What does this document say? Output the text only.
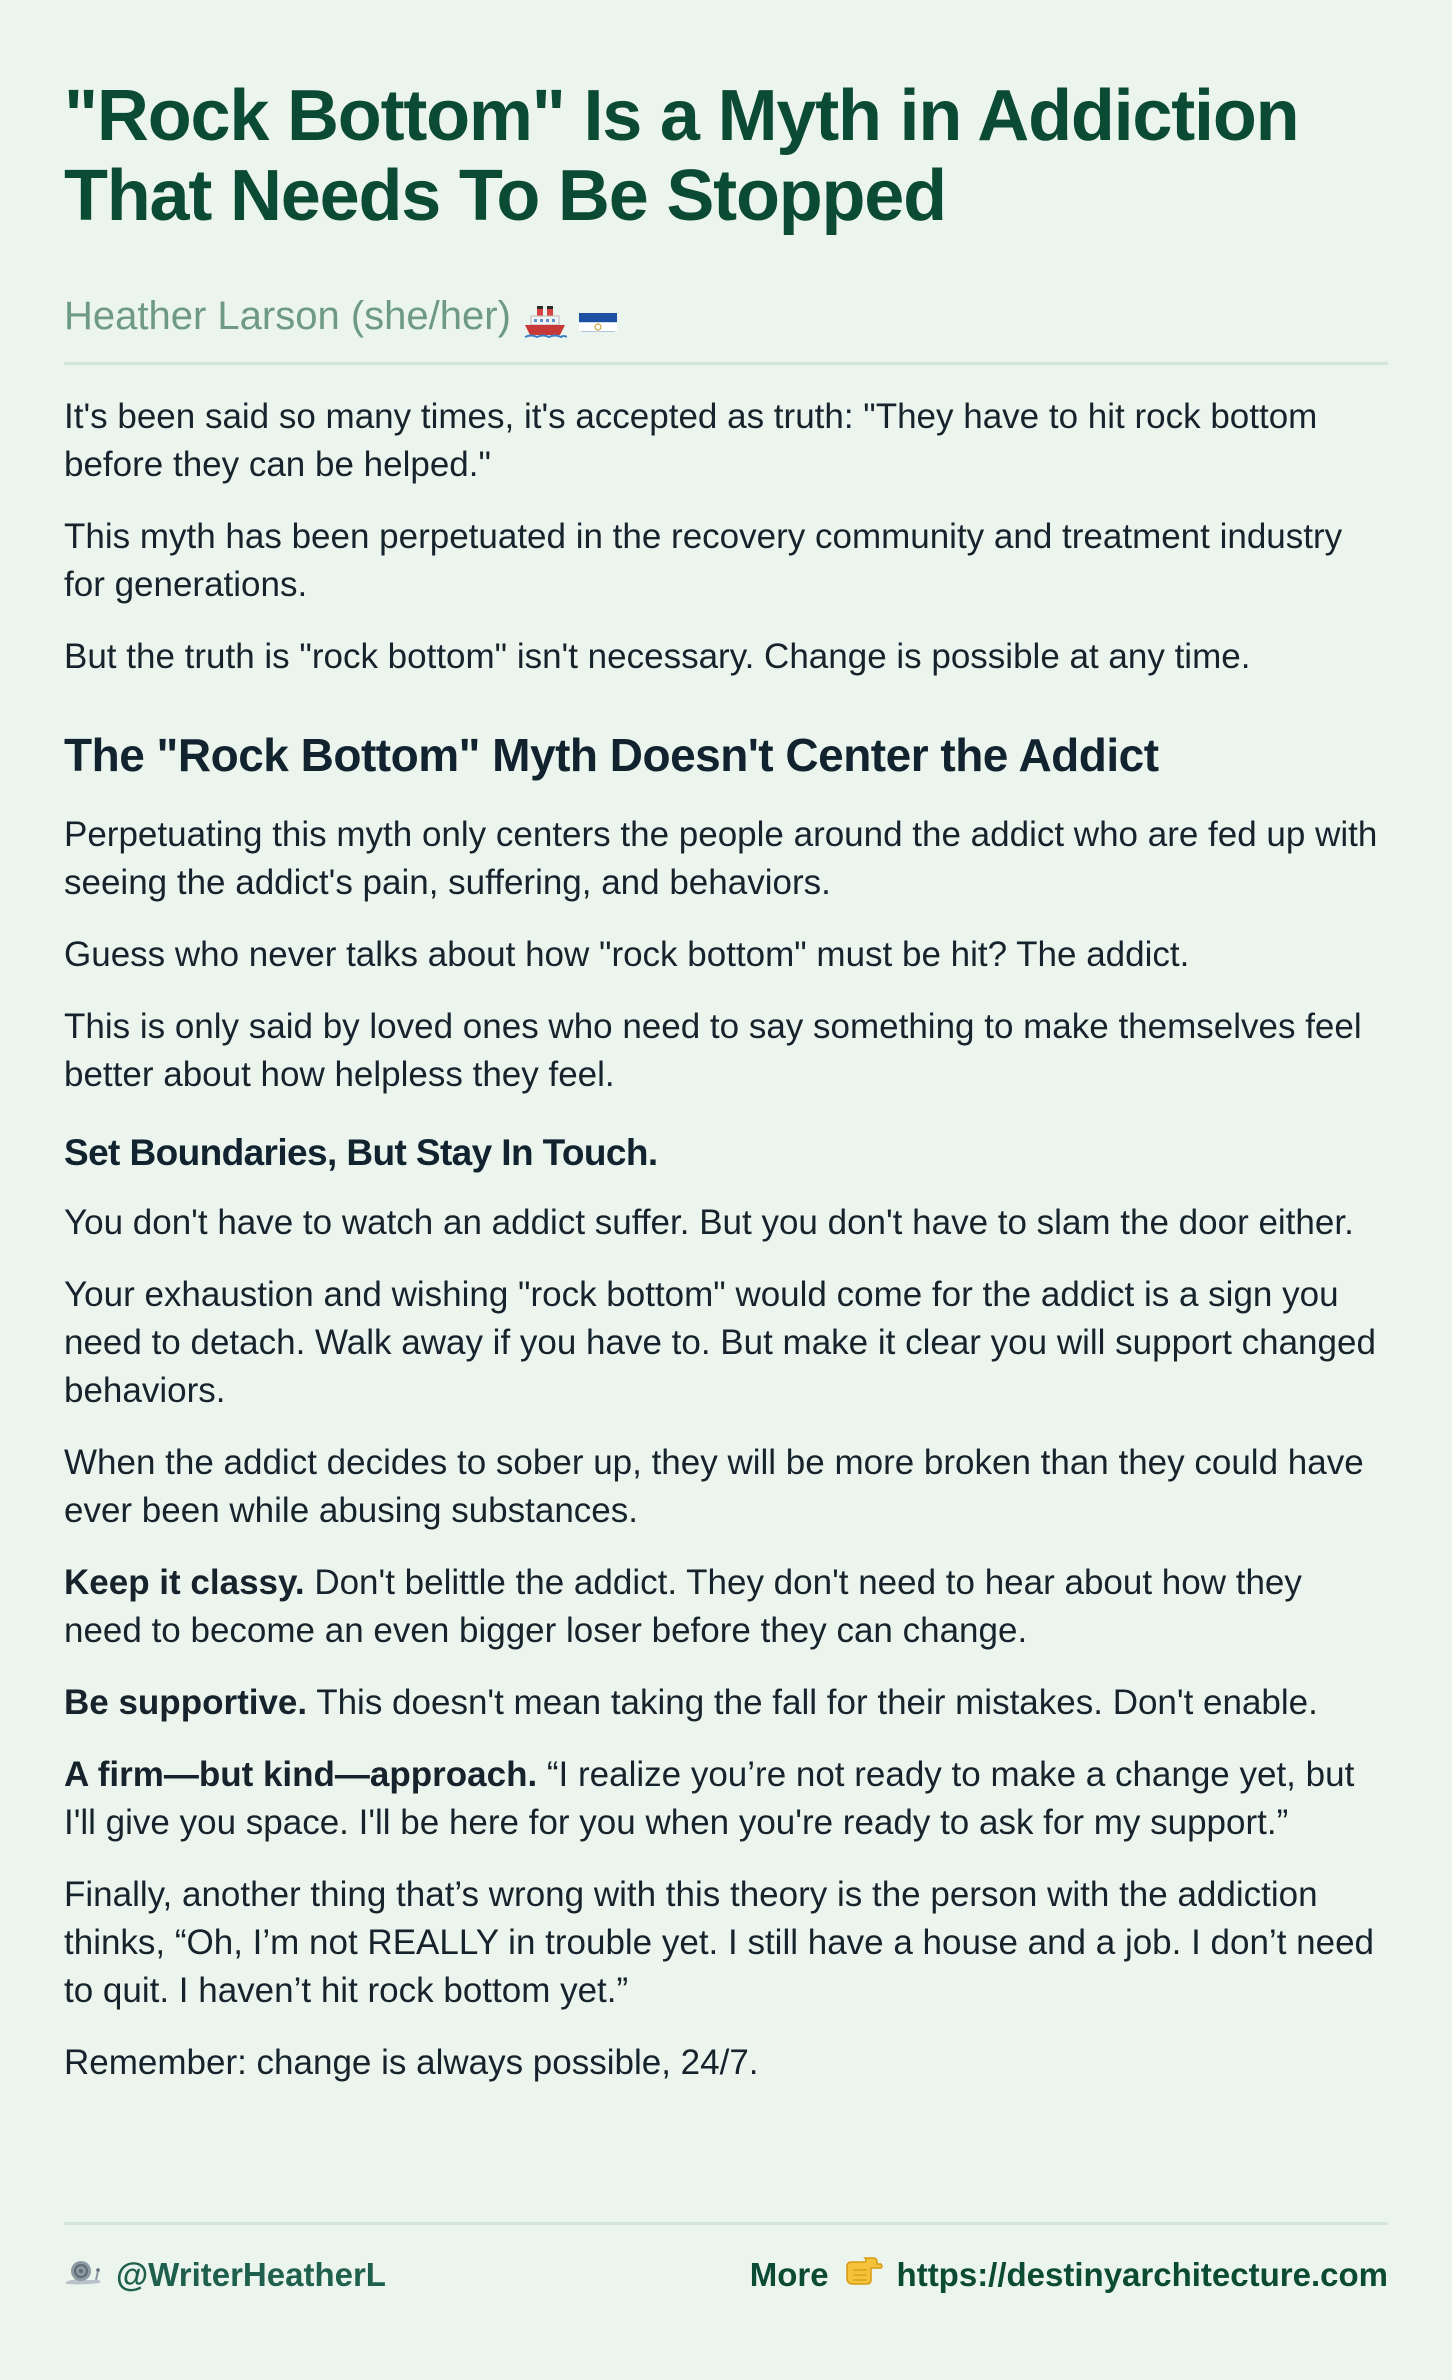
"Rock Bottom" Is a Myth in Addiction
That Needs To Be Stopped
Heather Larson (she/her)

It's been said so many times, it's accepted as truth: "They have to hit rock bottom before they can be helped."

This myth has been perpetuated in the recovery community and treatment industry for generations.

But the truth is "rock bottom" isn't necessary. Change is possible at any time.

The "Rock Bottom" Myth Doesn't Center the Addict

Perpetuating this myth only centers the people around the addict who are fed up with seeing the addict's pain, suffering, and behaviors.

Guess who never talks about how "rock bottom" must be hit? The addict.

This is only said by loved ones who need to say something to make themselves feel better about how helpless they feel.

Set Boundaries, But Stay In Touch.

You don't have to watch an addict suffer. But you don't have to slam the door either.

Your exhaustion and wishing "rock bottom" would come for the addict is a sign you need to detach. Walk away if you have to. But make it clear you will support changed behaviors.

When the addict decides to sober up, they will be more broken than they could have ever been while abusing substances.

Keep it classy. Don't belittle the addict. They don't need to hear about how they need to become an even bigger loser before they can change.

Be supportive. This doesn't mean taking the fall for their mistakes. Don't enable.

A firm—but kind—approach. “I realize you’re not ready to make a change yet, but I'll give you space. I'll be here for you when you're ready to ask for my support.”

Finally, another thing that’s wrong with this theory is the person with the addiction thinks, “Oh, I’m not REALLY in trouble yet. I still have a house and a job. I don’t need to quit. I haven’t hit rock bottom yet.”

Remember: change is always possible, 24/7.

@WriterHeatherL	More https://destinyarchitecture.com
